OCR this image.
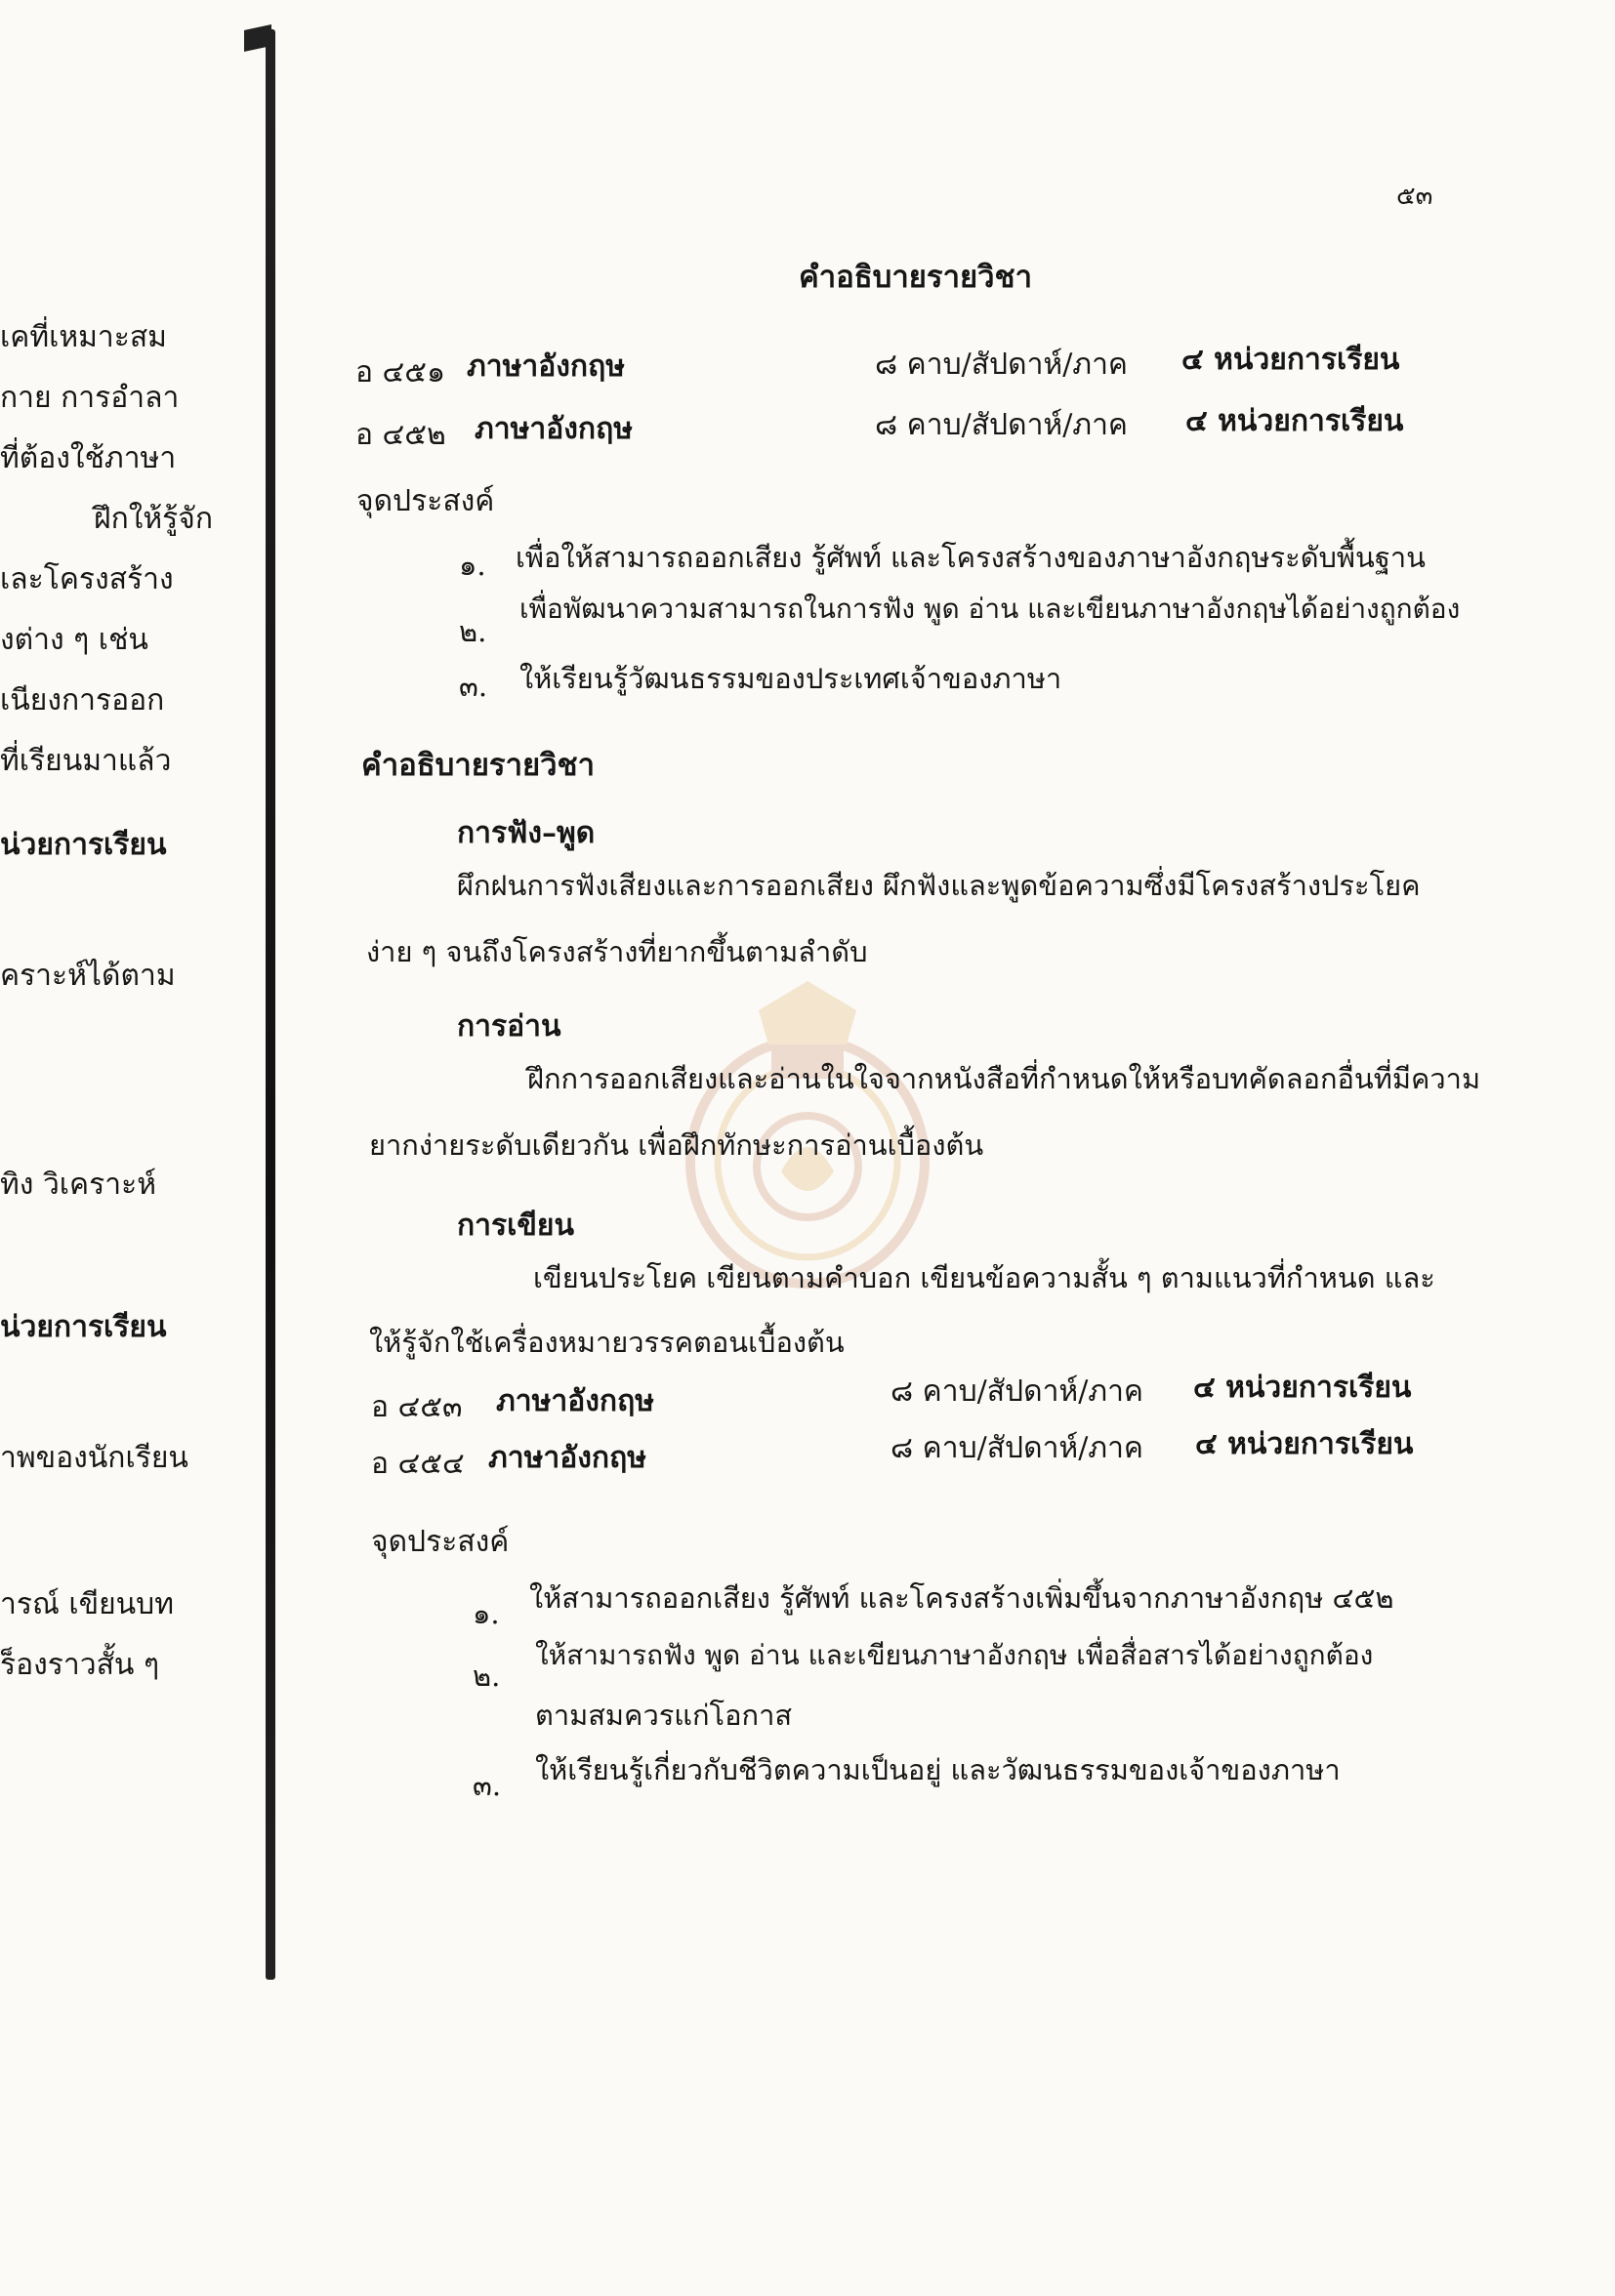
เคที่เหมาะสม
กาย การอำลา
ที่ต้องใช้ภาษา
ฝึกให้รู้จัก
เละโครงสร้าง
งต่าง ๆ เช่น
เนียงการออก
ที่เรียนมาแล้ว
น่วยการเรียน
คราะห์ได้ตาม
ทิง วิเคราะห์
น่วยการเรียน
าพของนักเรียน
ารณ์ เขียนบท
ร็องราวสั้น ๆ
๕๓
คำอธิบายรายวิชา
อ ๔๕๑ ภาษาอังกฤษ	๘ คาบ/สัปดาห์/ภาค ๔ หน่วยการเรียน
อ ๔๕๒ ภาษาอังกฤษ	๘ คาบ/สัปดาห์/ภาค ๔ หน่วยการเรียน
จุดประสงค์
๑. เพื่อให้สามารถออกเสียง รู้ศัพท์ และโครงสร้างของภาษาอังกฤษระดับพื้นฐาน
๒.
เพื่อพัฒนาความสามารถในการฟัง พูด อ่าน และเขียนภาษาอังกฤษได้อย่างถูกต้อง
๓. ให้เรียนรู้วัฒนธรรมของประเทศเจ้าของภาษา
คำอธิบายรายวิชา
การฟัง–พูด
ผึกฝนการฟังเสียงและการออกเสียง ผึกฟังและพูดข้อความซึ่งมีโครงสร้างประโยค
ง่าย ๆ จนถึงโครงสร้างที่ยากขึ้นตามลำดับ
การอ่าน
ฝึกการออกเสียงและอ่านในใจจากหนังสือที่กำหนดให้หรือบทคัดลอกอื่นที่มีความ
ยากง่ายระดับเดียวกัน เพื่อฝึกทักษะการอ่านเบื้องต้น
การเขียน
เขียนประโยค เขียนตามคำบอก เขียนข้อความสั้น ๆ ตามแนวที่กำหนด และ
ให้รู้จักใช้เครื่องหมายวรรคตอนเบื้องต้น
อ ๔๕๓ ภาษาอังกฤษ	๘ คาบ/สัปดาห์/ภาค ๔ หน่วยการเรียน
อ ๔๕๔ ภาษาอังกฤษ	๘ คาบ/สัปดาห์/ภาค ๔ หน่วยการเรียน
จุดประสงค์
๑. ให้สามารถออกเสียง รู้ศัพท์ และโครงสร้างเพิ่มขึ้นจากภาษาอังกฤษ ๔๕๒
๒.
ให้สามารถฟัง พูด อ่าน และเขียนภาษาอังกฤษ เพื่อสื่อสารได้อย่างถูกต้อง
ตามสมควรแก่โอกาส
๓. ให้เรียนรู้เกี่ยวกับชีวิตความเป็นอยู่ และวัฒนธรรมของเจ้าของภาษา
